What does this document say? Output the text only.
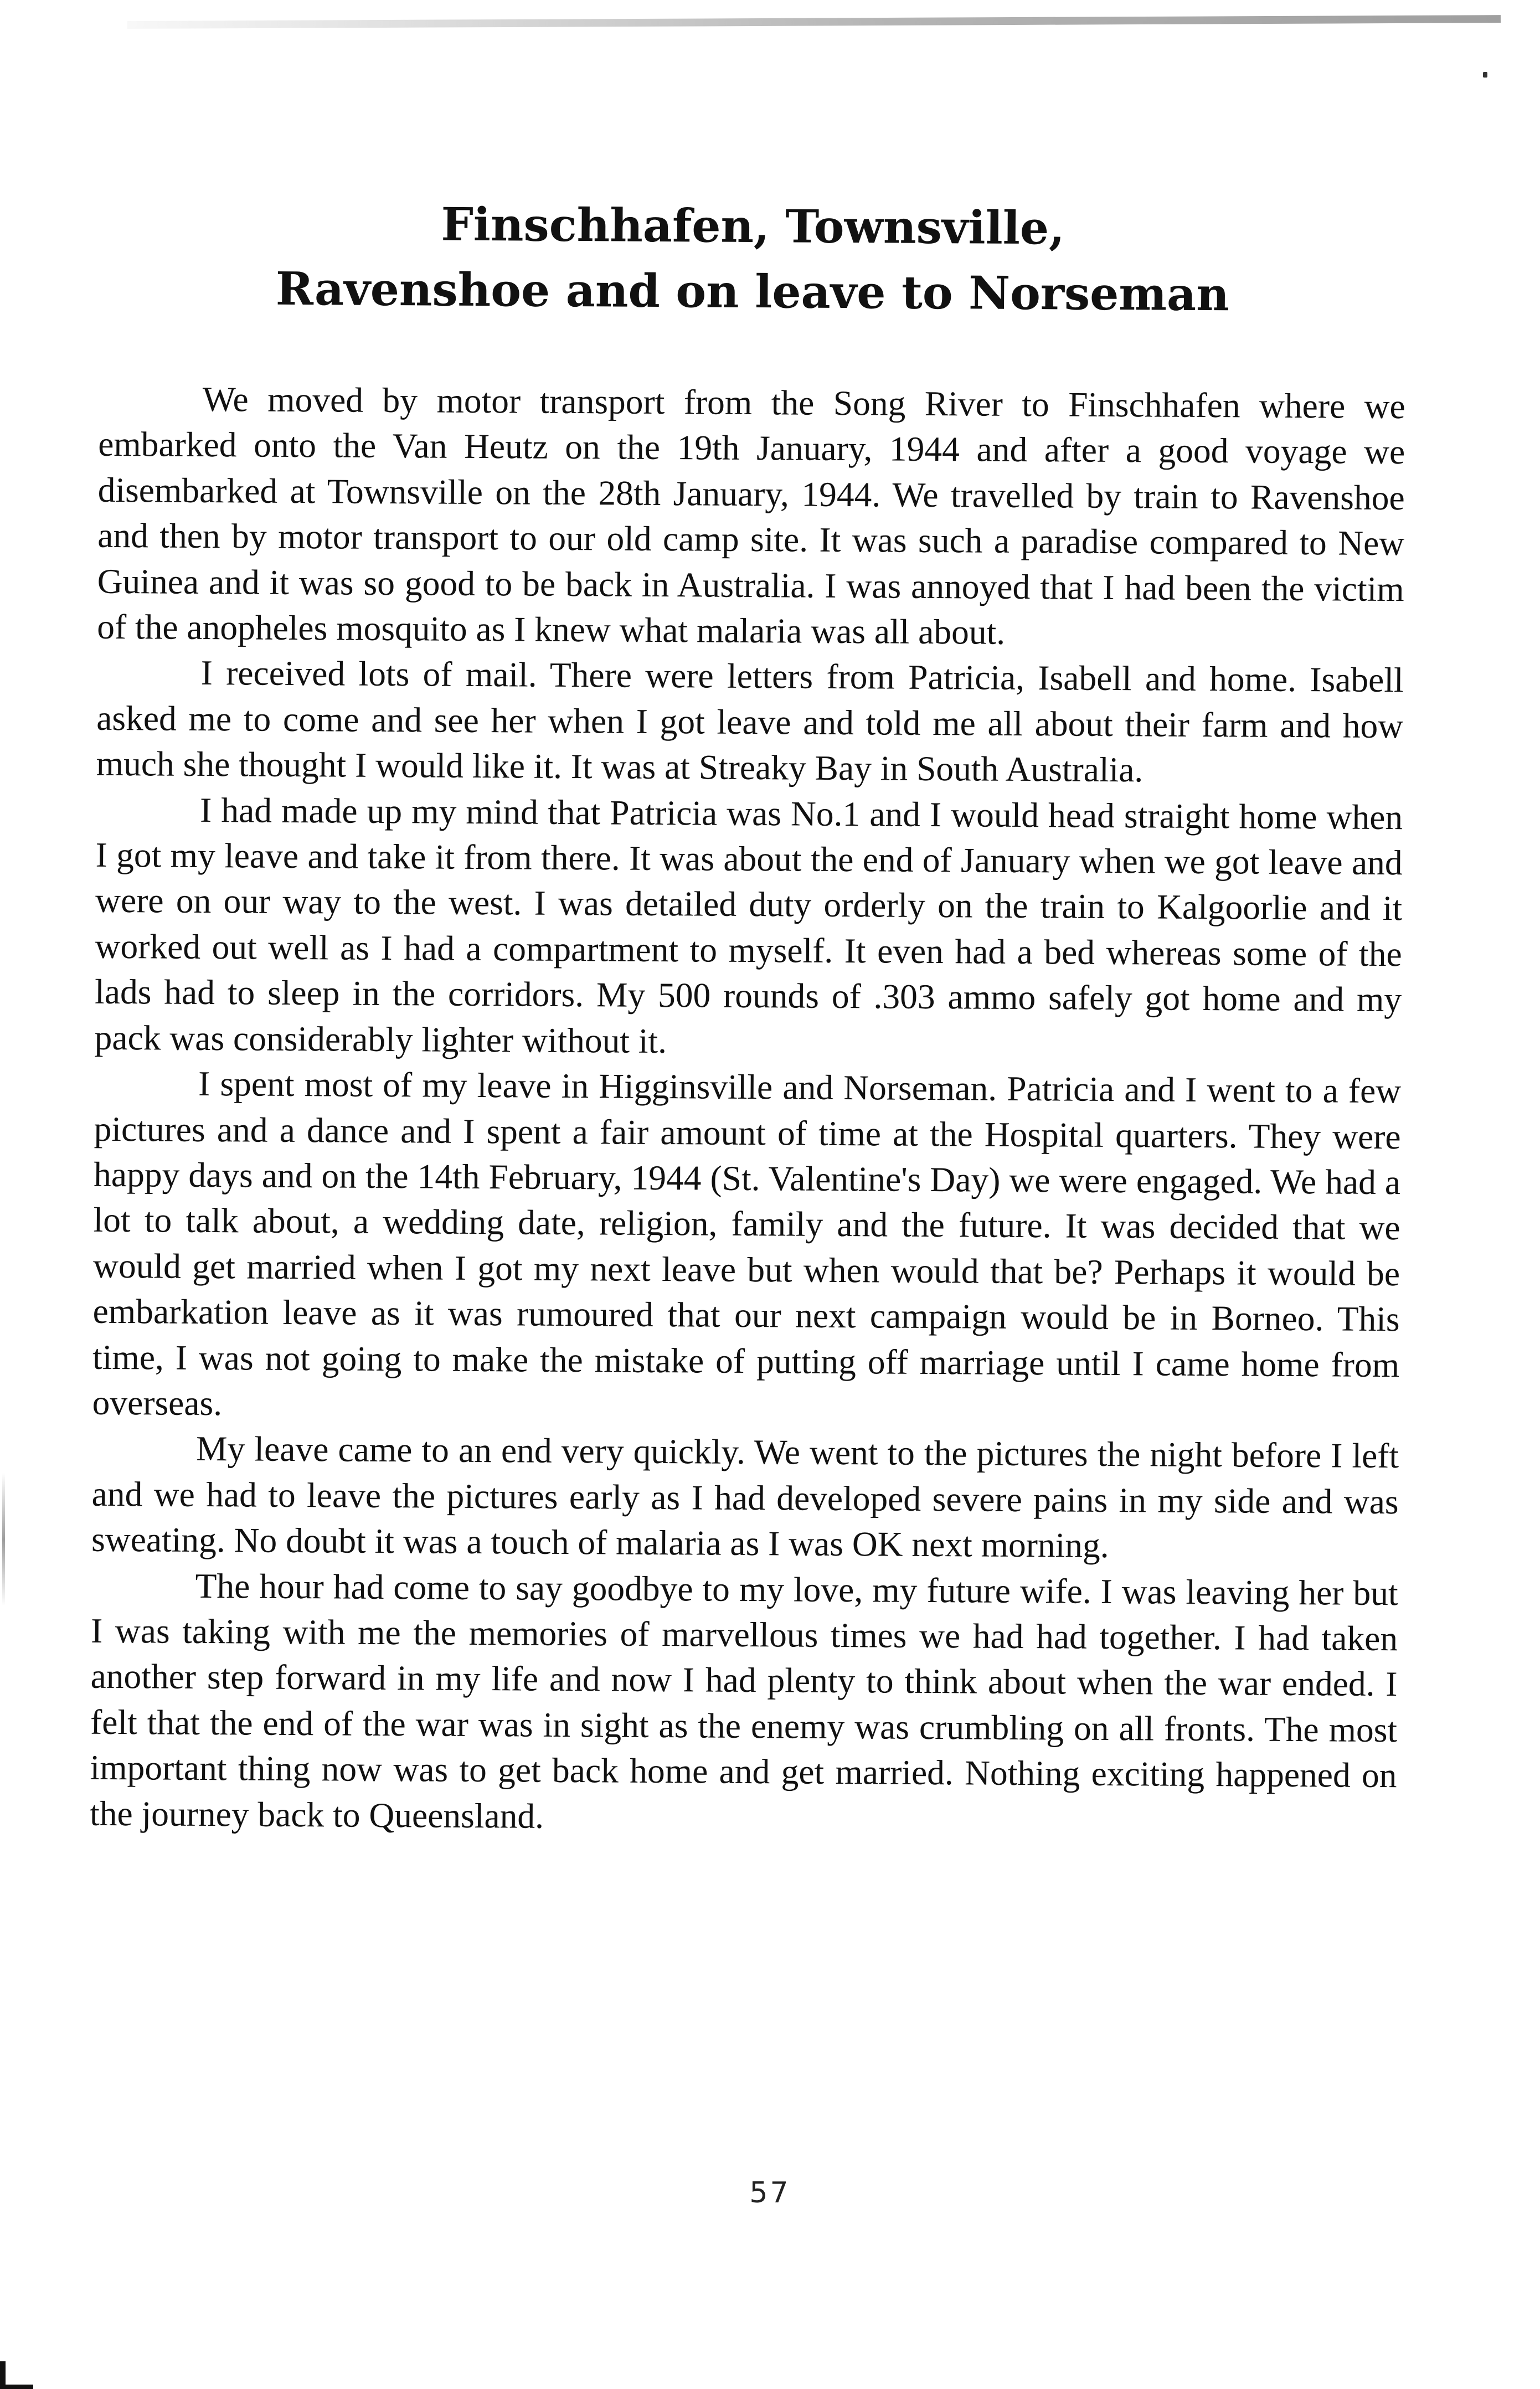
Finschhafen, Townsville,
Ravenshoe and on leave to Norseman

We moved by motor transport from the Song River to Finschhafen where we embarked onto the Van Heutz on the 19th January, 1944 and after a good voyage we disembarked at Townsville on the 28th January, 1944. We travelled by train to Ravenshoe and then by motor transport to our old camp site. It was such a paradise compared to New Guinea and it was so good to be back in Australia. I was annoyed that I had been the victim of the anopheles mosquito as I knew what malaria was all about.

I received lots of mail. There were letters from Patricia, Isabell and home. Isabell asked me to come and see her when I got leave and told me all about their farm and how much she thought I would like it. It was at Streaky Bay in South Australia.

I had made up my mind that Patricia was No.1 and I would head straight home when I got my leave and take it from there. It was about the end of January when we got leave and were on our way to the west. I was detailed duty orderly on the train to Kalgoorlie and it worked out well as I had a compartment to myself. It even had a bed whereas some of the lads had to sleep in the corridors. My 500 rounds of .303 ammo safely got home and my pack was considerably lighter without it.

I spent most of my leave in Higginsville and Norseman. Patricia and I went to a few pictures and a dance and I spent a fair amount of time at the Hospital quarters. They were happy days and on the 14th February, 1944 (St. Valentine's Day) we were engaged. We had a lot to talk about, a wedding date, religion, family and the future. It was decided that we would get married when I got my next leave but when would that be? Perhaps it would be embarkation leave as it was rumoured that our next campaign would be in Borneo. This time, I was not going to make the mistake of putting off marriage until I came home from overseas.

My leave came to an end very quickly. We went to the pictures the night before I left and we had to leave the pictures early as I had developed severe pains in my side and was sweating. No doubt it was a touch of malaria as I was OK next morning.

The hour had come to say goodbye to my love, my future wife. I was leaving her but I was taking with me the memories of marvellous times we had had together. I had taken another step forward in my life and now I had plenty to think about when the war ended. I felt that the end of the war was in sight as the enemy was crumbling on all fronts. The most important thing now was to get back home and get married. Nothing exciting happened on the journey back to Queensland.

57
